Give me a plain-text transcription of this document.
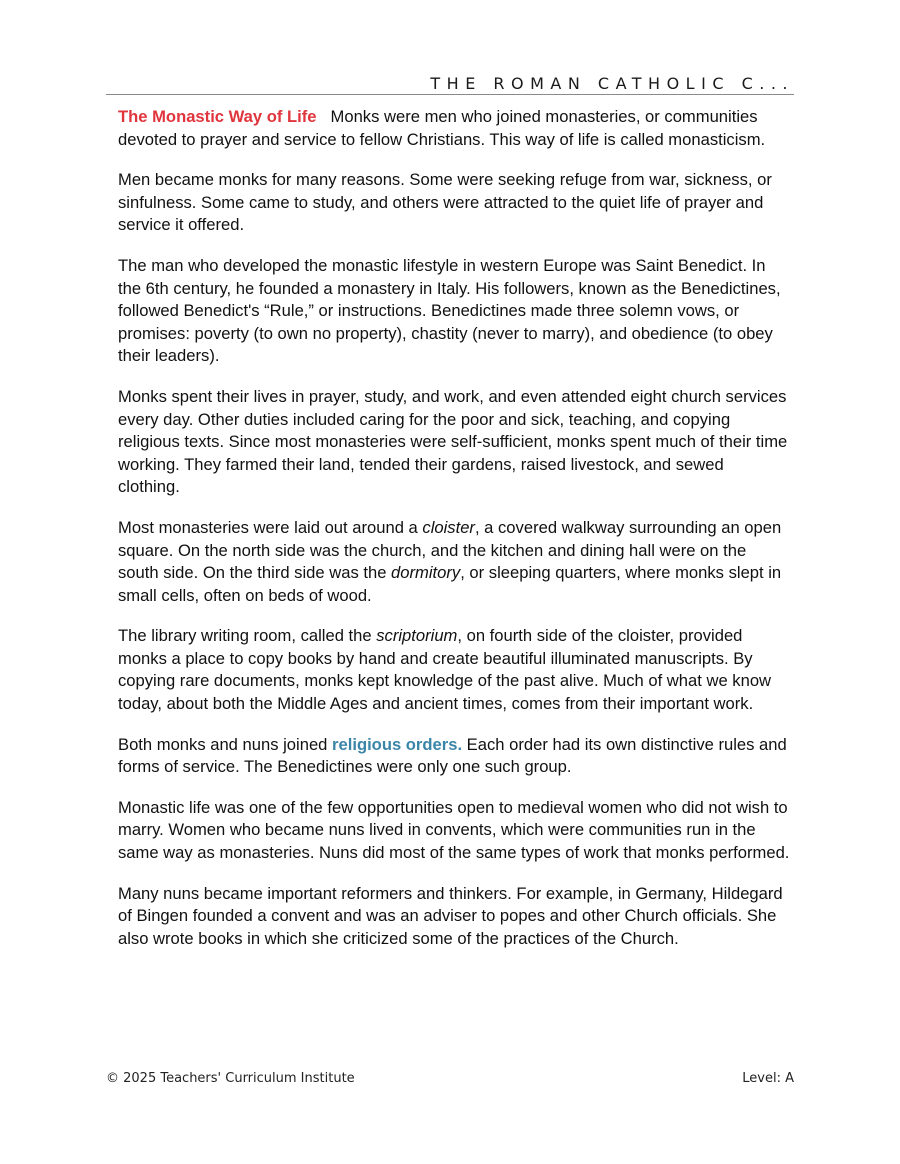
THE ROMAN CATHOLIC C...

The Monastic Way of Life Monks were men who joined monasteries, or communities devoted to prayer and service to fellow Christians. This way of life is called monasticism.

Men became monks for many reasons. Some were seeking refuge from war, sickness, or sinfulness. Some came to study, and others were attracted to the quiet life of prayer and service it offered.

The man who developed the monastic lifestyle in western Europe was Saint Benedict. In the 6th century, he founded a monastery in Italy. His followers, known as the Benedictines, followed Benedict's “Rule,” or instructions. Benedictines made three solemn vows, or promises: poverty (to own no property), chastity (never to marry), and obedience (to obey their leaders).

Monks spent their lives in prayer, study, and work, and even attended eight church services every day. Other duties included caring for the poor and sick, teaching, and copying religious texts. Since most monasteries were self-sufficient, monks spent much of their time working. They farmed their land, tended their gardens, raised livestock, and sewed clothing.

Most monasteries were laid out around a cloister, a covered walkway surrounding an open square. On the north side was the church, and the kitchen and dining hall were on the south side. On the third side was the dormitory, or sleeping quarters, where monks slept in small cells, often on beds of wood.

The library writing room, called the scriptorium, on fourth side of the cloister, provided monks a place to copy books by hand and create beautiful illuminated manuscripts. By copying rare documents, monks kept knowledge of the past alive. Much of what we know today, about both the Middle Ages and ancient times, comes from their important work.

Both monks and nuns joined religious orders. Each order had its own distinctive rules and forms of service. The Benedictines were only one such group.

Monastic life was one of the few opportunities open to medieval women who did not wish to marry. Women who became nuns lived in convents, which were communities run in the same way as monasteries. Nuns did most of the same types of work that monks performed.

Many nuns became important reformers and thinkers. For example, in Germany, Hildegard of Bingen founded a convent and was an adviser to popes and other Church officials. She also wrote books in which she criticized some of the practices of the Church.

© 2025 Teachers' Curriculum Institute	Level: A
